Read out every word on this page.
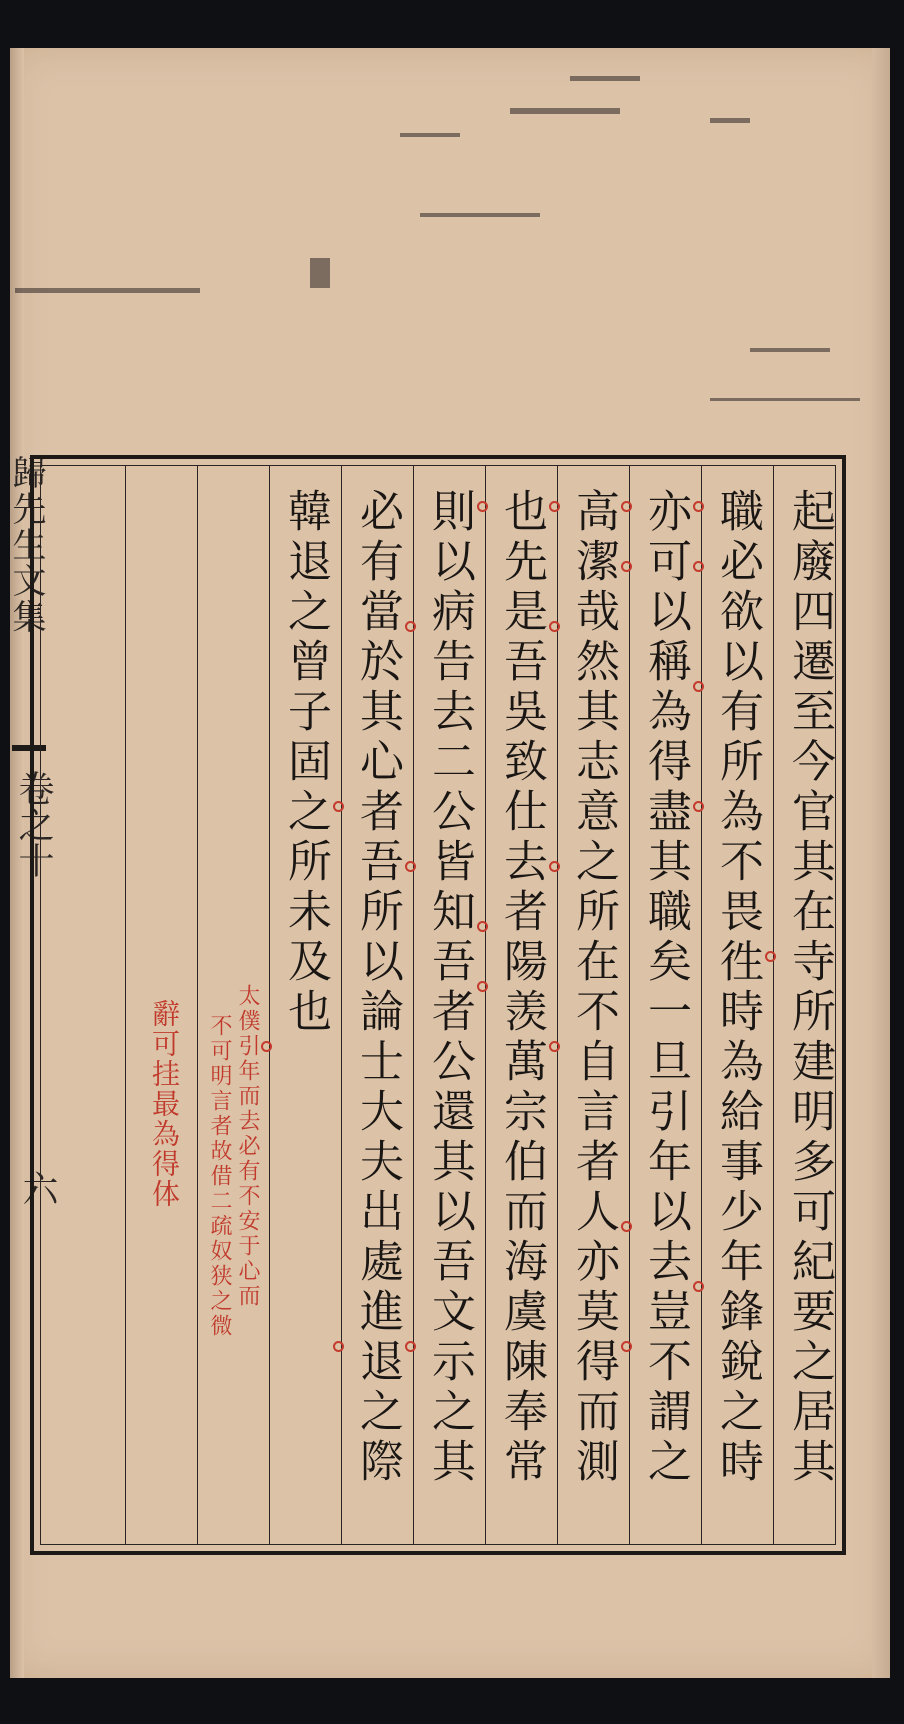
歸先生文集
卷之十
六	起廢四遷至今官其在寺所建明多可紀要之居其
職必欲以有所為不畏徃時為給事少年鋒銳之時
亦可以稱為得盡其職矣一旦引年以去豈不謂之
高潔哉然其志意之所在不自言者人亦莫得而測
也先是吾吳致仕去者陽羡萬宗伯而海虞陳奉常
則以病告去二公皆知吾者公還其以吾文示之其
必有當於其心者吾所以論士大夫出處進退之際
韓退之曾子固之所未及也
太僕引年而去必有不安于心而
不可明言者故借二疏奴狭之微
辭可挂最為得体
